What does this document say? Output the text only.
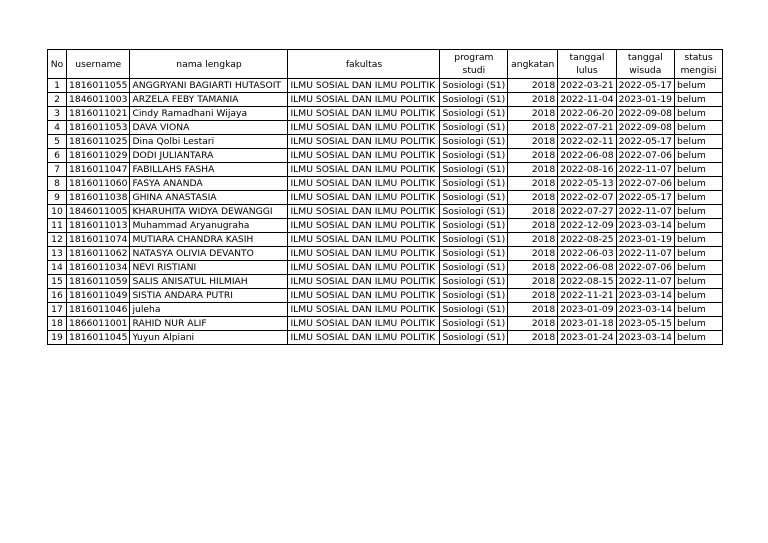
No	username	nama lengkap	fakultas	program studi	angkatan	tanggal lulus	tanggal wisuda	status mengisi
1	1816011055	ANGGRYANI BAGIARTI HUTASOIT	ILMU SOSIAL DAN ILMU POLITIK	Sosiologi (S1)	2018	2022-03-21	2022-05-17	belum
2	1846011003	ARZELA FEBY TAMANIA	ILMU SOSIAL DAN ILMU POLITIK	Sosiologi (S1)	2018	2022-11-04	2023-01-19	belum
3	1816011021	Cindy Ramadhani Wijaya	ILMU SOSIAL DAN ILMU POLITIK	Sosiologi (S1)	2018	2022-06-20	2022-09-08	belum
4	1816011053	DAVA VIONA	ILMU SOSIAL DAN ILMU POLITIK	Sosiologi (S1)	2018	2022-07-21	2022-09-08	belum
5	1816011025	Dina Qolbi Lestari	ILMU SOSIAL DAN ILMU POLITIK	Sosiologi (S1)	2018	2022-02-11	2022-05-17	belum
6	1816011029	DODI JULIANTARA	ILMU SOSIAL DAN ILMU POLITIK	Sosiologi (S1)	2018	2022-06-08	2022-07-06	belum
7	1816011047	FABILLAHS FASHA	ILMU SOSIAL DAN ILMU POLITIK	Sosiologi (S1)	2018	2022-08-16	2022-11-07	belum
8	1816011060	FASYA ANANDA	ILMU SOSIAL DAN ILMU POLITIK	Sosiologi (S1)	2018	2022-05-13	2022-07-06	belum
9	1816011038	GHINA ANASTASIA	ILMU SOSIAL DAN ILMU POLITIK	Sosiologi (S1)	2018	2022-02-07	2022-05-17	belum
10	1846011005	KHARUHITA WIDYA DEWANGGI	ILMU SOSIAL DAN ILMU POLITIK	Sosiologi (S1)	2018	2022-07-27	2022-11-07	belum
11	1816011013	Muhammad Aryanugraha	ILMU SOSIAL DAN ILMU POLITIK	Sosiologi (S1)	2018	2022-12-09	2023-03-14	belum
12	1816011074	MUTIARA CHANDRA KASIH	ILMU SOSIAL DAN ILMU POLITIK	Sosiologi (S1)	2018	2022-08-25	2023-01-19	belum
13	1816011062	NATASYA OLIVIA DEVANTO	ILMU SOSIAL DAN ILMU POLITIK	Sosiologi (S1)	2018	2022-06-03	2022-11-07	belum
14	1816011034	NEVI RISTIANI	ILMU SOSIAL DAN ILMU POLITIK	Sosiologi (S1)	2018	2022-06-08	2022-07-06	belum
15	1816011059	SALIS ANISATUL HILMIAH	ILMU SOSIAL DAN ILMU POLITIK	Sosiologi (S1)	2018	2022-08-15	2022-11-07	belum
16	1816011049	SISTIA ANDARA PUTRI	ILMU SOSIAL DAN ILMU POLITIK	Sosiologi (S1)	2018	2022-11-21	2023-03-14	belum
17	1816011046	juleha	ILMU SOSIAL DAN ILMU POLITIK	Sosiologi (S1)	2018	2023-01-09	2023-03-14	belum
18	1866011001	RAHID NUR ALIF	ILMU SOSIAL DAN ILMU POLITIK	Sosiologi (S1)	2018	2023-01-18	2023-05-15	belum
19	1816011045	Yuyun Alpiani	ILMU SOSIAL DAN ILMU POLITIK	Sosiologi (S1)	2018	2023-01-24	2023-03-14	belum
